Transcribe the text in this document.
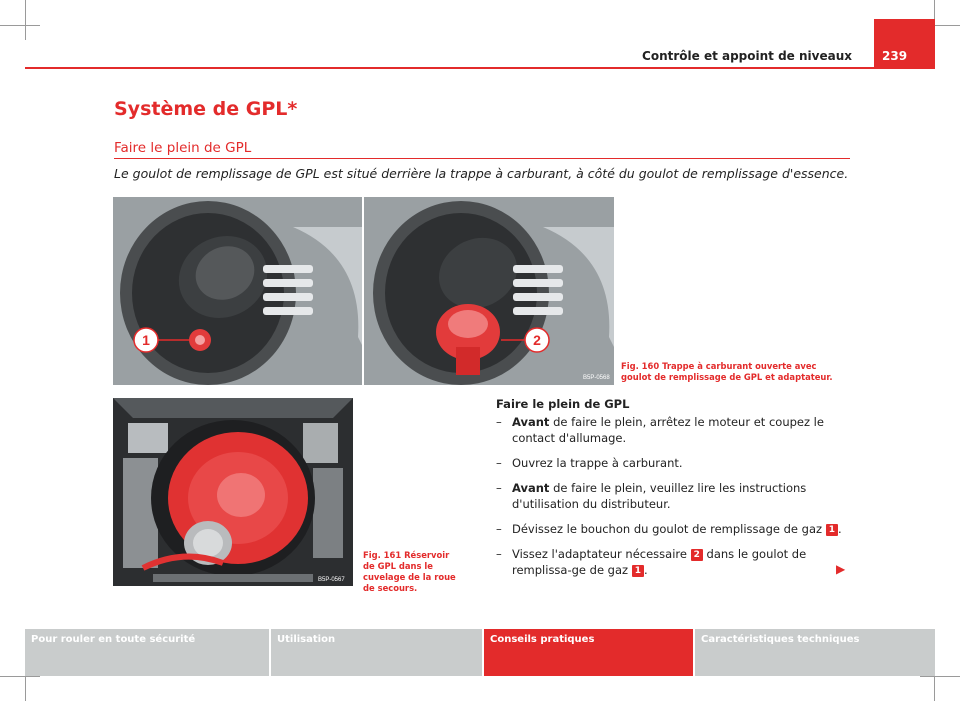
Contrôle et appoint de niveaux	239
Système de GPL*
Faire le plein de GPL
Le goulot de remplissage de GPL est situé derrière la trappe à carburant, à côté du goulot de remplissage d'essence.
1	2
B5P-0568
Fig. 160 Trappe à carburant ouverte avec goulot de remplissage de GPL et adaptateur.
B5P-0567
Fig. 161 Réservoir de GPL dans le cuvelage de la roue de secours.
Faire le plein de GPL
– Avant de faire le plein, arrêtez le moteur et coupez le contact d'allumage.
– Ouvrez la trappe à carburant.
– Avant de faire le plein, veuillez lire les instructions d'utilisation du distributeur.
– Dévissez le bouchon du goulot de remplissage de gaz 1 .
– Vissez l'adaptateur nécessaire 2 dans le goulot de remplissa-ge de gaz 1 .	▶
Pour rouler en toute sécurité	Utilisation	Conseils pratiques	Caractéristiques techniques
